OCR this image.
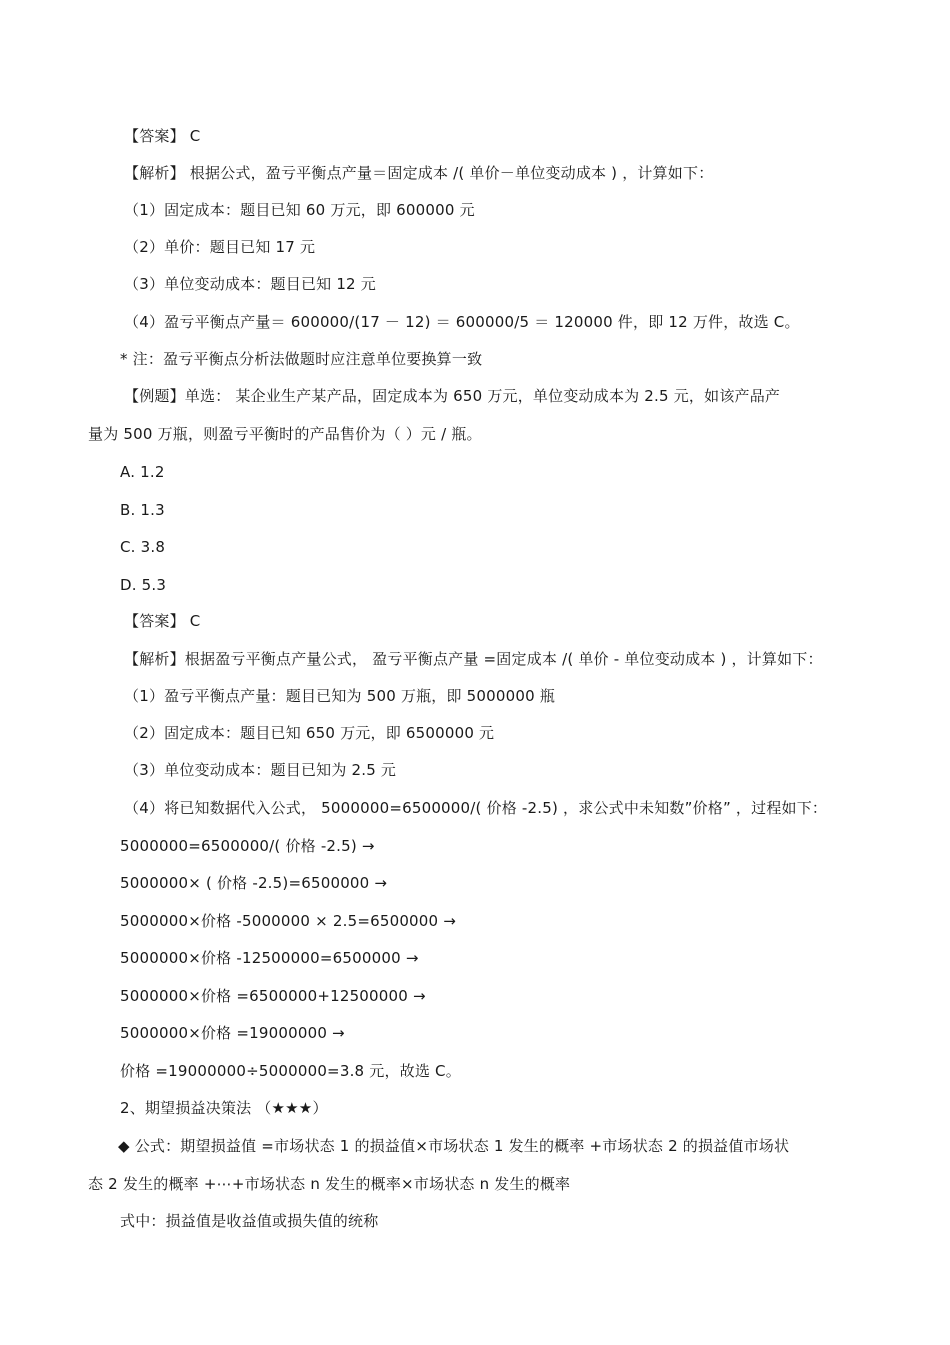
【答案】 C
【解析】 根据公式，盈亏平衡点产量＝固定成本 /( 单价－单位变动成本 ) ，计算如下：
（1）固定成本：题目已知 60 万元，即 600000 元
（2）单价：题目已知 17 元
（3）单位变动成本：题目已知 12 元
（4）盈亏平衡点产量＝ 600000/(17 － 12) ＝ 600000/5 ＝ 120000 件，即 12 万件，故选 C。
* 注：盈亏平衡点分析法做题时应注意单位要换算一致
【例题】单选： 某企业生产某产品，固定成本为 650 万元，单位变动成本为 2.5 元，如该产品产
量为 500 万瓶，则盈亏平衡时的产品售价为（ ）元 / 瓶。
A. 1.2
B. 1.3
C. 3.8
D. 5.3
【答案】 C
【解析】根据盈亏平衡点产量公式， 盈亏平衡点产量 =固定成本 /( 单价 - 单位变动成本 ) ，计算如下：
（1）盈亏平衡点产量：题目已知为 500 万瓶，即 5000000 瓶
（2）固定成本：题目已知 650 万元，即 6500000 元
（3）单位变动成本：题目已知为 2.5 元
（4）将已知数据代入公式， 5000000=6500000/( 价格 -2.5) ，求公式中未知数”价格” ，过程如下：
5000000=6500000/( 价格 -2.5) →
5000000× ( 价格 -2.5)=6500000 →
5000000×价格 -5000000 × 2.5=6500000 →
5000000×价格 -12500000=6500000 →
5000000×价格 =6500000+12500000 →
5000000×价格 =19000000 →
价格 =19000000÷5000000=3.8 元，故选 C。
2、期望损益决策法 （★★★）
◆ 公式：期望损益值 =市场状态 1 的损益值×市场状态 1 发生的概率 +市场状态 2 的损益值市场状
态 2 发生的概率 +⋯+市场状态 n 发生的概率×市场状态 n 发生的概率
式中：损益值是收益值或损失值的统称
